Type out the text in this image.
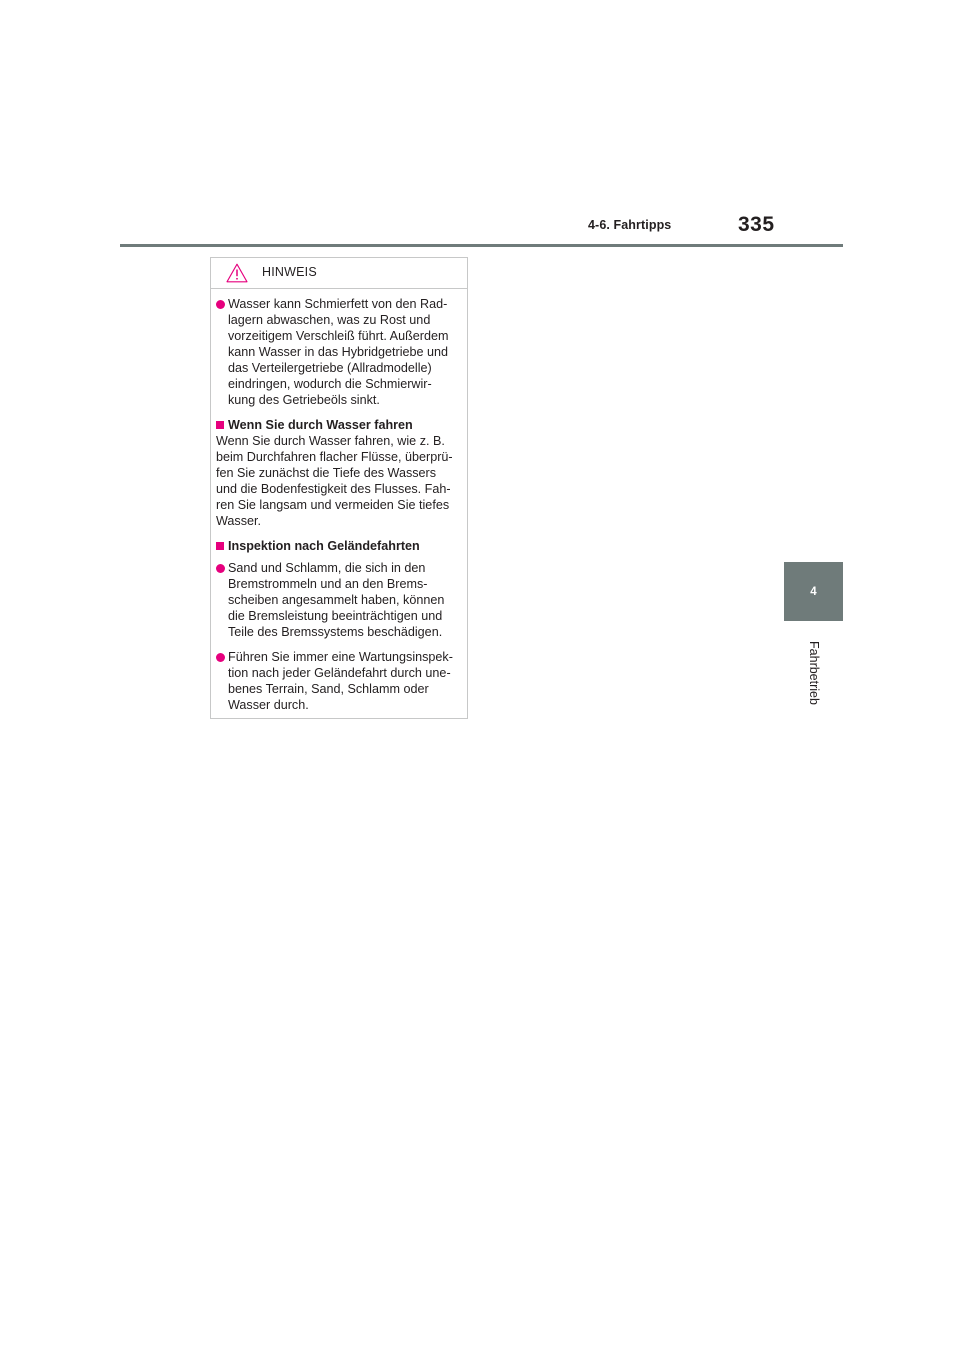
4-6. Fahrtipps	335
4
Fahrbetrieb
HINWEIS

Wasser kann Schmierfett von den Rad-
lagern abwaschen, was zu Rost und
vorzeitigem Verschleiß führt. Außerdem
kann Wasser in das Hybridgetriebe und
das Verteilergetriebe (Allradmodelle)
eindringen, wodurch die Schmierwir-
kung des Getriebeöls sinkt.

Wenn Sie durch Wasser fahren

Wenn Sie durch Wasser fahren, wie z. B.
beim Durchfahren flacher Flüsse, überprü-
fen Sie zunächst die Tiefe des Wassers
und die Bodenfestigkeit des Flusses. Fah-
ren Sie langsam und vermeiden Sie tiefes
Wasser.

Inspektion nach Geländefahrten

Sand und Schlamm, die sich in den
Bremstrommeln und an den Brems-
scheiben angesammelt haben, können
die Bremsleistung beeinträchtigen und
Teile des Bremssystems beschädigen.

Führen Sie immer eine Wartungsinspek-
tion nach jeder Geländefahrt durch une-
benes Terrain, Sand, Schlamm oder
Wasser durch.
